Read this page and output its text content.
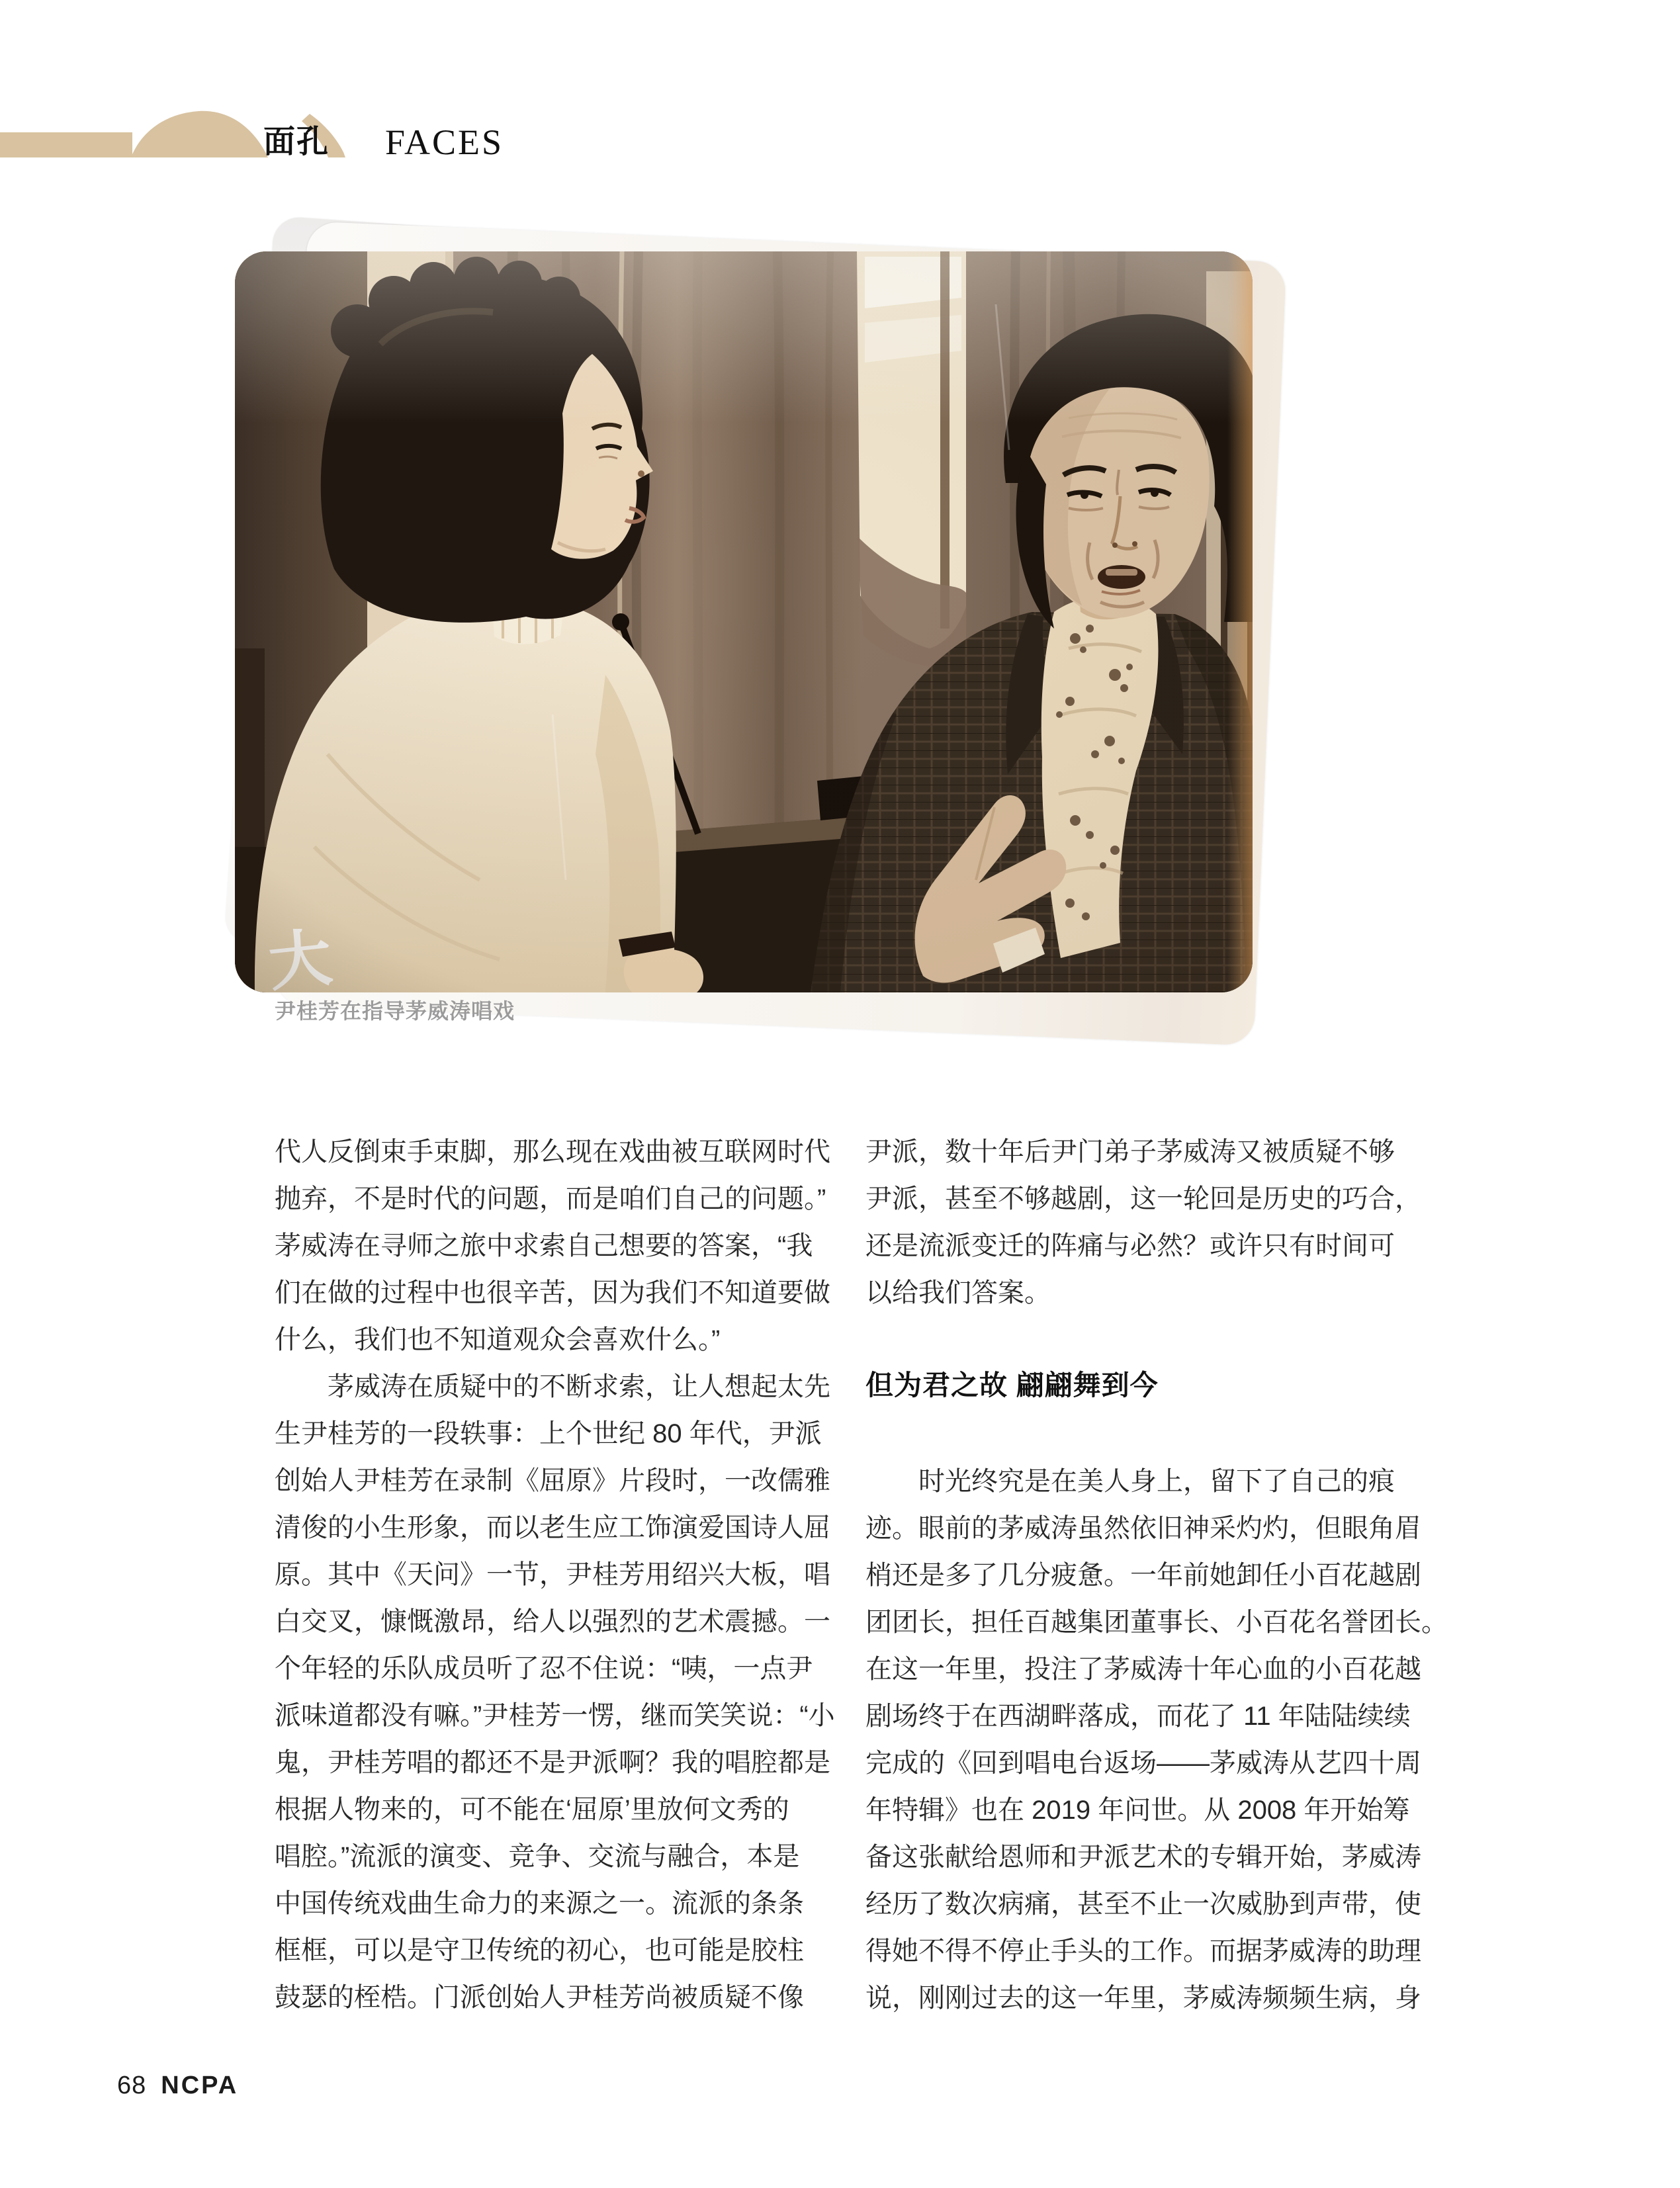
面孔 FACES
尹桂芳在指导茅威涛唱戏
代人反倒束手束脚，那么现在戏曲被互联网时代
抛弃，不是时代的问题，而是咱们自己的问题。”
茅威涛在寻师之旅中求索自己想要的答案，“我
们在做的过程中也很辛苦，因为我们不知道要做
什么，我们也不知道观众会喜欢什么。”
　　茅威涛在质疑中的不断求索，让人想起太先
生尹桂芳的一段轶事：上个世纪 80 年代，尹派
创始人尹桂芳在录制《屈原》片段时，一改儒雅
清俊的小生形象，而以老生应工饰演爱国诗人屈
原。其中《天问》一节，尹桂芳用绍兴大板，唱
白交叉，慷慨激昂，给人以强烈的艺术震撼。一
个年轻的乐队成员听了忍不住说：“咦，一点尹
派味道都没有嘛。”尹桂芳一愣，继而笑笑说：“小
鬼，尹桂芳唱的都还不是尹派啊？我的唱腔都是
根据人物来的，可不能在‘屈原’里放何文秀的
唱腔。”流派的演变、竞争、交流与融合，本是
中国传统戏曲生命力的来源之一。流派的条条
框框，可以是守卫传统的初心，也可能是胶柱
鼓瑟的桎梏。门派创始人尹桂芳尚被质疑不像
尹派，数十年后尹门弟子茅威涛又被质疑不够
尹派，甚至不够越剧，这一轮回是历史的巧合，
还是流派变迁的阵痛与必然？或许只有时间可
以给我们答案。
但为君之故 翩翩舞到今
　　时光终究是在美人身上，留下了自己的痕
迹。眼前的茅威涛虽然依旧神采灼灼，但眼角眉
梢还是多了几分疲惫。一年前她卸任小百花越剧
团团长，担任百越集团董事长、小百花名誉团长。
在这一年里，投注了茅威涛十年心血的小百花越
剧场终于在西湖畔落成，而花了 11 年陆陆续续
完成的《回到唱电台返场——茅威涛从艺四十周
年特辑》也在 2019 年问世。从 2008 年开始筹
备这张献给恩师和尹派艺术的专辑开始，茅威涛
经历了数次病痛，甚至不止一次威胁到声带，使
得她不得不停止手头的工作。而据茅威涛的助理
说，刚刚过去的这一年里，茅威涛频频生病，身
68 NCPA
